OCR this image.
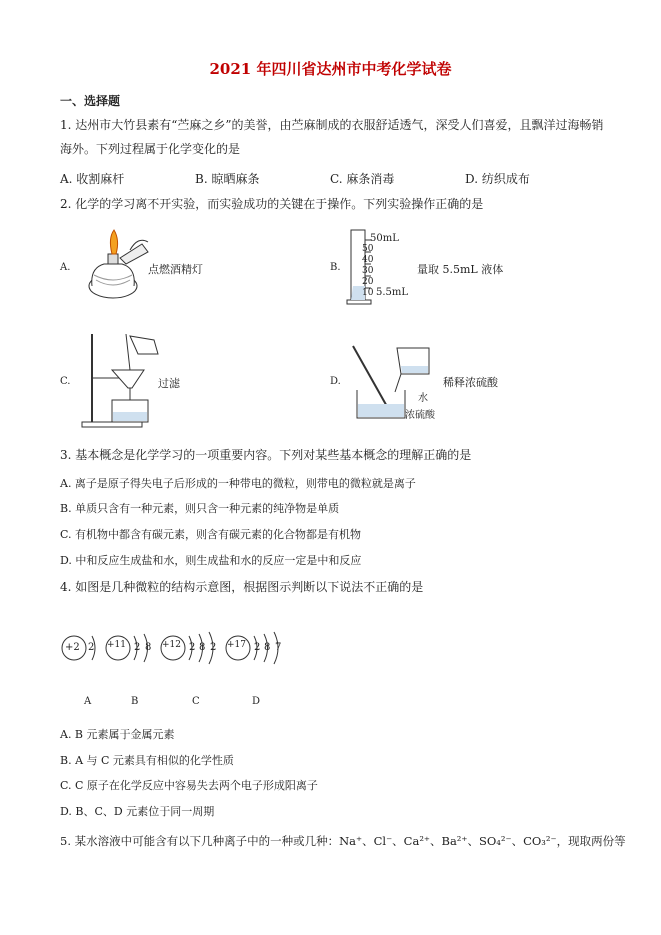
2021 年四川省达州市中考化学试卷
一、选择题
1. 达州市大竹县素有“苎麻之乡”的美誉，由苎麻制成的衣服舒适透气，深受人们喜爱，且飘洋过海畅销
海外。下列过程属于化学变化的是
A. 收割麻杆	B. 晾晒麻条	C. 麻条消毒	D. 纺织成布
2. 化学的学习离不开实验，而实验成功的关键在于操作。下列实验操作正确的是
A.	点燃酒精灯	B.
50mL
50
40
30
20
10 5.5mL
量取 5.5mL 液体
C.	过滤	D.
水
浓硫酸
稀释浓硫酸
3. 基本概念是化学学习的一项重要内容。下列对某些基本概念的理解正确的是
A. 离子是原子得失电子后形成的一种带电的微粒，则带电的微粒就是离子
B. 单质只含有一种元素，则只含一种元素的纯净物是单质
C. 有机物中都含有碳元素，则含有碳元素的化合物都是有机物
D. 中和反应生成盐和水，则生成盐和水的反应一定是中和反应
4. 如图是几种微粒的结构示意图，根据图示判断以下说法不正确的是
+2 2 +11 2 8 +12 2 8 2 +17 2 8 7
A	B	C	D
A. B 元素属于金属元素
B. A 与 C 元素具有相似的化学性质
C. C 原子在化学反应中容易失去两个电子形成阳离子
D. B、C、D 元素位于同一周期
5. 某水溶液中可能含有以下几种离子中的一种或几种：Na⁺、Cl⁻、Ca²⁺、Ba²⁺、SO₄²⁻、CO₃²⁻，现取两份等
